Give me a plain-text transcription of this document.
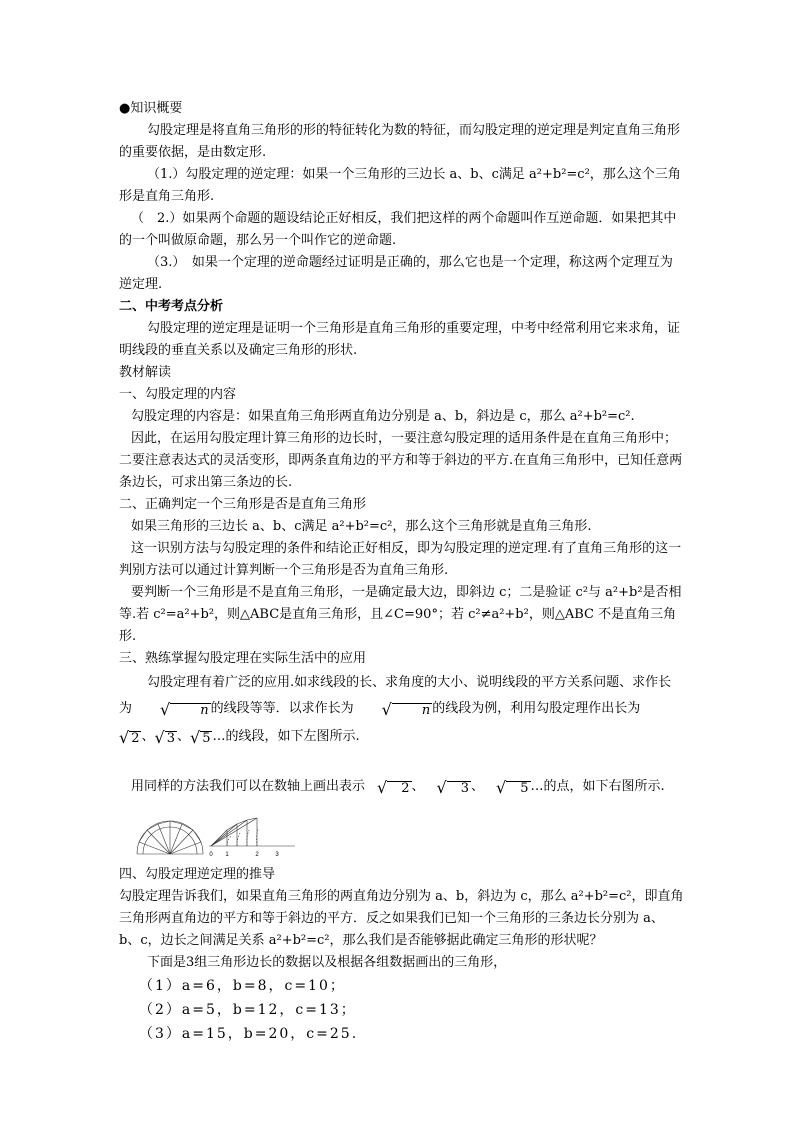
●知识概要

勾股定理是将直角三角形的形的特征转化为数的特征，而勾股定理的逆定理是判定直角三角形的重要依据，是由数定形.

（1.）勾股定理的逆定理：如果一个三角形的三边长 a、b、c满足 a²+b²=c²，那么这个三角形是直角三角形.

（　2.）如果两个命题的题设结论正好相反，我们把这样的两个命题叫作互逆命题．如果把其中的一个叫做原命题，那么另一个叫作它的逆命题.

（3.）　如果一个定理的逆命题经过证明是正确的，那么它也是一个定理，称这两个定理互为逆定理.

二、中考考点分析

勾股定理的逆定理是证明一个三角形是直角三角形的重要定理，中考中经常利用它来求角，证明线段的垂直关系以及确定三角形的形状.

教材解读

一、勾股定理的内容

勾股定理的内容是：如果直角三角形两直角边分别是 a、b，斜边是 c，那么 a²+b²=c².

因此，在运用勾股定理计算三角形的边长时，一要注意勾股定理的适用条件是在直角三角形中；二要注意表达式的灵活变形，即两条直角边的平方和等于斜边的平方.在直角三角形中，已知任意两条边长，可求出第三条边的长.

二、正确判定一个三角形是否是直角三角形

如果三角形的三边长 a、b、c满足 a²+b²=c²，那么这个三角形就是直角三角形.

这一识别方法与勾股定理的条件和结论正好相反，即为勾股定理的逆定理.有了直角三角形的这一判别方法可以通过计算判断一个三角形是否为直角三角形.

要判断一个三角形是不是直角三角形，一是确定最大边，即斜边 c；二是验证 c²与 a²+b²是否相等.若 c²=a²+b²，则△ABC是直角三角形，且∠C=90°；若 c²≠a²+b²，则△ABC 不是直角三角形.

三、熟练掌握勾股定理在实际生活中的应用

勾股定理有着广泛的应用.如求线段的长、求角度的大小、说明线段的平方关系问题、求作长为	√	n 的线段等等．以求作长为	√	n 的线段为例，利用勾股定理作出长为

√ 2 、 √ 3 、 √ 5 …的线段，如下左图所示.

用同样的方法我们可以在数轴上画出表示 √	2 、 √	3 、 √	5 …的点，如下右图所示.

0 1	2	3

四、勾股定理逆定理的推导

勾股定理告诉我们，如果直角三角形的两直角边分别为 a、b，斜边为 c，那么 a²+b²=c²，即直角三角形两直角边的平方和等于斜边的平方．反之如果我们已知一个三角形的三条边长分别为 a、b、c，边长之间满足关系 a²+b²=c²，那么我们是否能够据此确定三角形的形状呢？

下面是3组三角形边长的数据以及根据各组数据画出的三角形，

（1）a=6，b=8，c=10；

（2）a=5，b=12，c=13；

（3）a=15，b=20，c=25.
